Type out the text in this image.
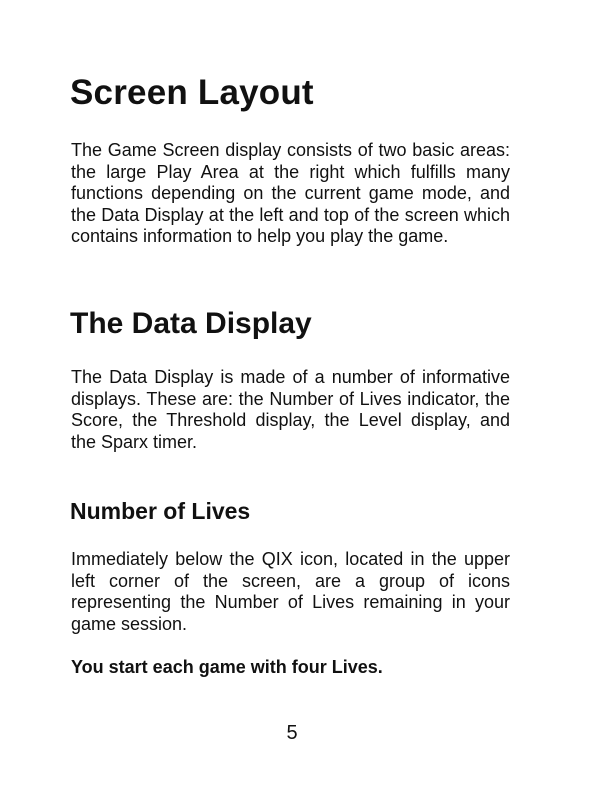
Screen Layout

The Game Screen display consists of two basic areas: the large Play Area at the right which fulfills many functions depending on the current game mode, and the Data Display at the left and top of the screen which contains information to help you play the game.

The Data Display

The Data Display is made of a number of informative displays. These are: the Number of Lives indicator, the Score, the Threshold display, the Level display, and the Sparx timer.

Number of Lives

Immediately below the QIX icon, located in the upper left corner of the screen, are a group of icons representing the Number of Lives remaining in your game session.

You start each game with four Lives.

5
